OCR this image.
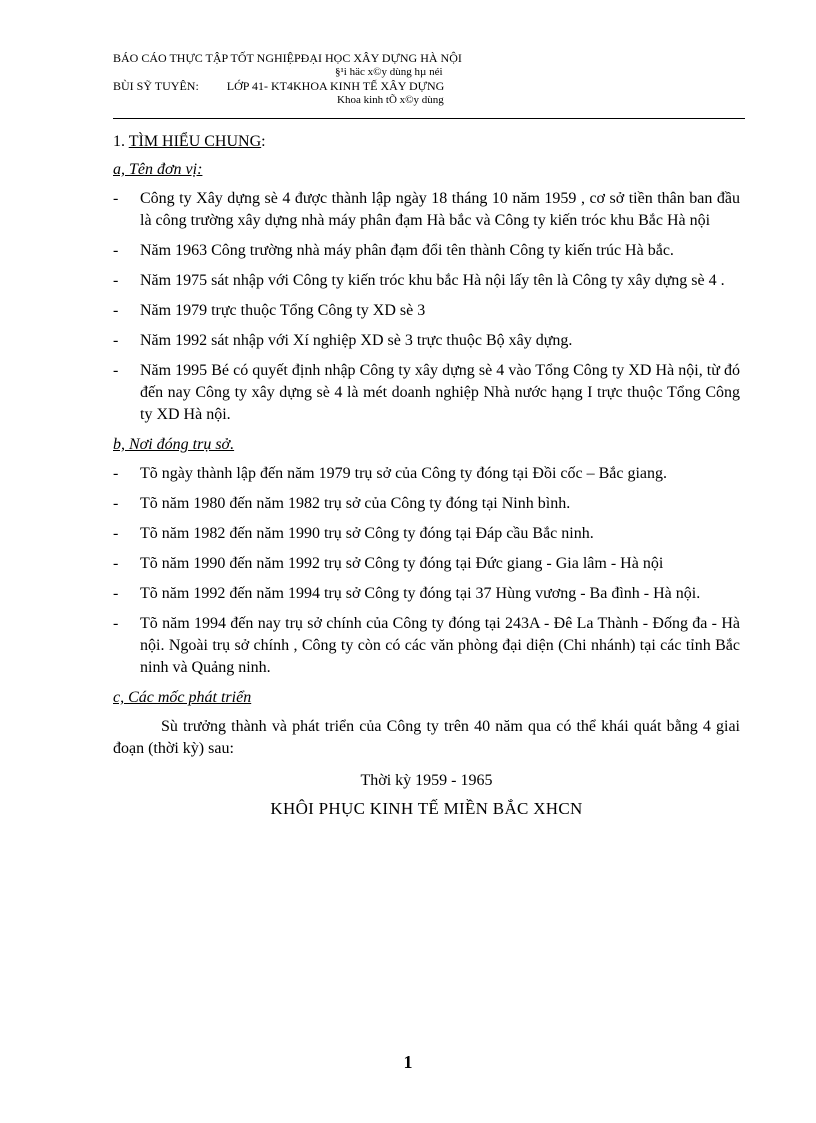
BÁO CÁO THỰC TẬP TỐT NGHIỆPĐẠI HỌC XÂY DỰNG HÀ NỘI
§¹i häc x©y dùng hµ néi
BÙI SỸ TUYÊN: LỚP 41- KT4KHOA KINH TẾ XÂY DỰNG
Khoa kinh tÕ x©y dùng
1. TÌM HIỂU CHUNG:
a, Tên đơn vị:
-	Công ty Xây dựng sè 4 được thành lập ngày 18 tháng 10 năm 1959 , cơ sở tiền thân ban đầu là công trường xây dựng nhà máy phân đạm Hà bắc và Công ty kiến tróc khu Bắc Hà nội
-	Năm 1963 Công trường nhà máy phân đạm đổi tên thành Công ty kiến trúc Hà bắc.
-	Năm 1975 sát nhập với Công ty kiến tróc khu bắc Hà nội lấy tên là Công ty xây dựng sè 4 .
-	Năm 1979 trực thuộc Tổng Công ty XD sè 3
-	Năm 1992 sát nhập với Xí nghiệp XD sè 3 trực thuộc Bộ xây dựng.
-	Năm 1995 Bé có quyết định nhập Công ty xây dựng sè 4 vào Tổng Công ty XD Hà nội, từ đó đến nay Công ty xây dựng sè 4 là mét doanh nghiệp Nhà nước hạng I trực thuộc Tổng Công ty XD Hà nội.
b, Nơi đóng trụ sở.
-	Tõ ngày thành lập đến năm 1979 trụ sở của Công ty đóng tại Đồi cốc – Bắc giang.
-	Tõ năm 1980 đến năm 1982 trụ sở của Công ty đóng tại Ninh bình.
-	Tõ năm 1982 đến năm 1990 trụ sở Công ty đóng tại Đáp cầu Bắc ninh.
-	Tõ năm 1990 đến năm 1992 trụ sở Công ty đóng tại Đức giang - Gia lâm - Hà nội
-	Tõ năm 1992 đến năm 1994 trụ sở Công ty đóng tại 37 Hùng vương - Ba đình - Hà nội.
-	Tõ năm 1994 đến nay trụ sở chính của Công ty đóng tại 243A - Đê La Thành - Đống đa - Hà nội. Ngoài trụ sở chính , Công ty còn có các văn phòng đại diện (Chi nhánh) tại các tỉnh Bắc ninh và Quảng ninh.
c, Các mốc phát triển
Sù trưởng thành và phát triển của Công ty trên 40 năm qua có thể khái quát bằng 4 giai đoạn (thời kỳ) sau:
Thời kỳ 1959 - 1965
KHÔI PHỤC KINH TẾ MIỀN BẮC XHCN
1
